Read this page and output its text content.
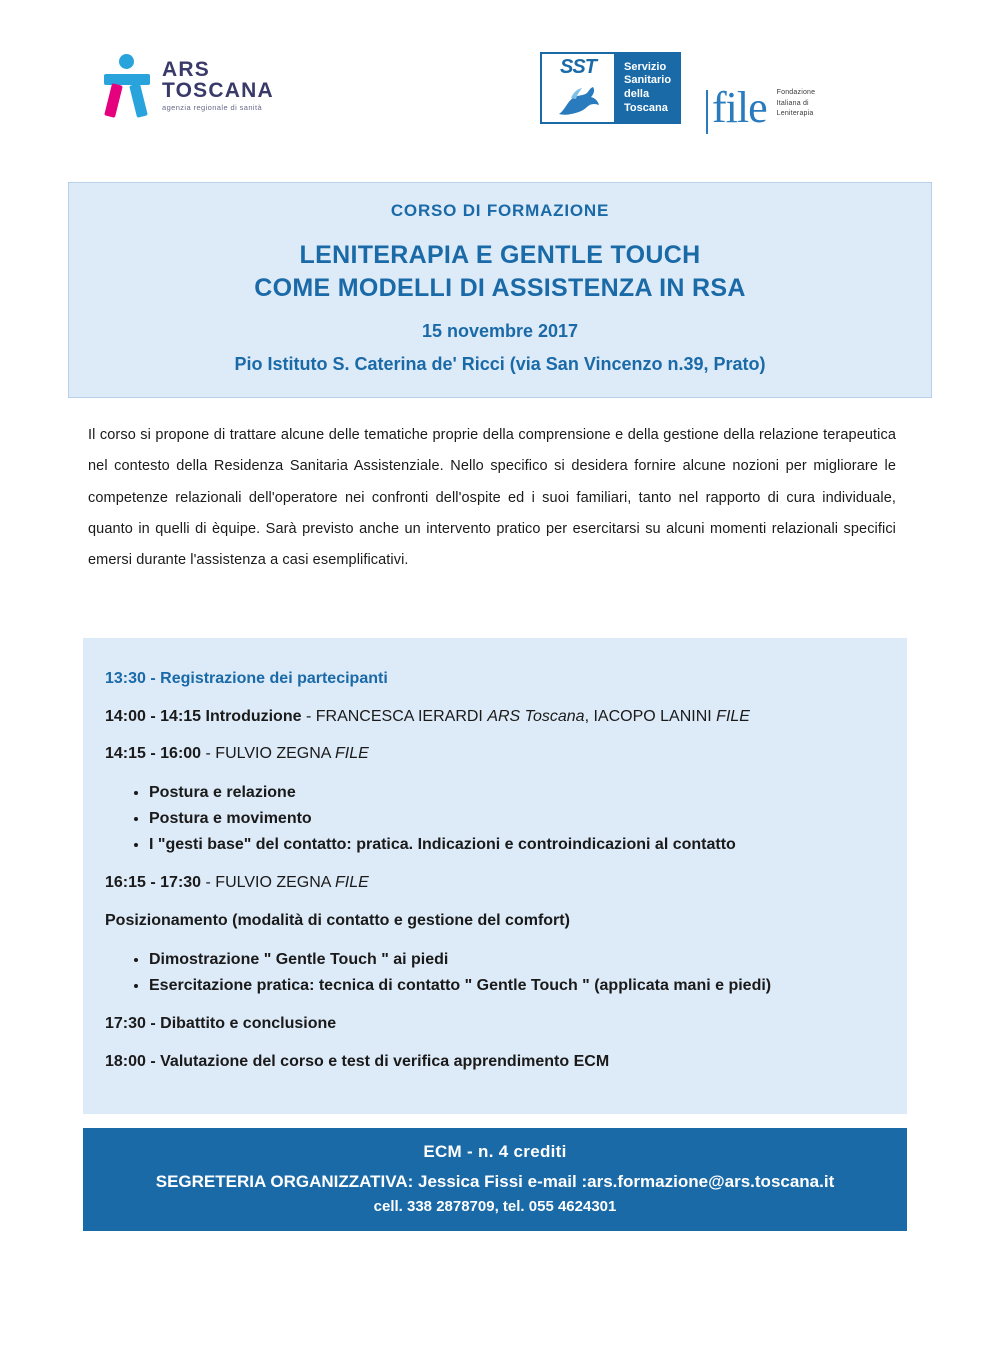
ARS TOSCANA
agenzia regionale di sanità
SST	Servizio
Sanitario
della
Toscana file Fondazione
Italiana di
Leniterapia
CORSO DI FORMAZIONE
LENITERAPIA E GENTLE TOUCH
COME MODELLI DI ASSISTENZA IN RSA
15 novembre 2017
Pio Istituto S. Caterina de' Ricci (via San Vincenzo n.39, Prato)
Il corso si propone di trattare alcune delle tematiche proprie della comprensione e della gestione della relazione terapeutica nel contesto della Residenza Sanitaria Assistenziale. Nello specifico si desidera fornire alcune nozioni per migliorare le competenze relazionali dell'operatore nei confronti dell'ospite ed i suoi familiari, tanto nel rapporto di cura individuale, quanto in quelli di èquipe. Sarà previsto anche un intervento pratico per esercitarsi su alcuni momenti relazionali specifici emersi durante l'assistenza a casi esemplificativi.
13:30 - Registrazione dei partecipanti
14:00 - 14:15 Introduzione - FRANCESCA IERARDI ARS Toscana, IACOPO LANINI FILE
14:15 - 16:00 - FULVIO ZEGNA FILE
• Postura e relazione
• Postura e movimento
• I "gesti base" del contatto: pratica. Indicazioni e controindicazioni al contatto
16:15 - 17:30 - FULVIO ZEGNA FILE
Posizionamento (modalità di contatto e gestione del comfort)
• Dimostrazione " Gentle Touch " ai piedi
• Esercitazione pratica: tecnica di contatto " Gentle Touch " (applicata mani e piedi)
17:30 - Dibattito e conclusione
18:00 - Valutazione del corso e test di verifica apprendimento ECM
ECM - n. 4 crediti
SEGRETERIA ORGANIZZATIVA: Jessica Fissi e-mail :ars.formazione@ars.toscana.it
cell. 338 2878709, tel. 055 4624301
